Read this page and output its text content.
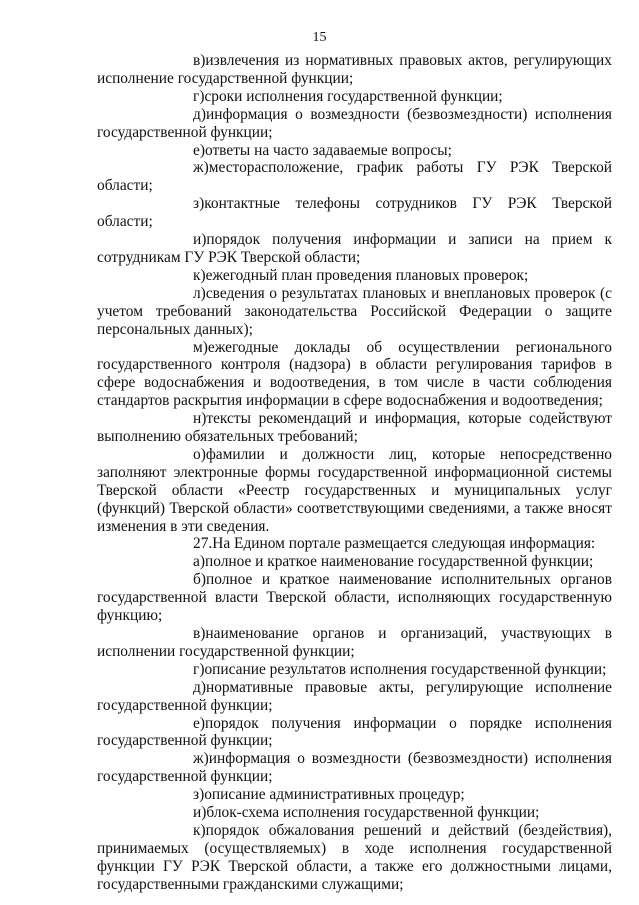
15

в)извлечения из нормативных правовых актов, регулирующих исполнение государственной функции;

г)сроки исполнения государственной функции;

д)информация о возмездности (безвозмездности) исполнения государственной функции;

е)ответы на часто задаваемые вопросы;

ж)месторасположение, график работы ГУ РЭК Тверской области;

з)контактные телефоны сотрудников ГУ РЭК Тверской области;

и)порядок получения информации и записи на прием к сотрудникам ГУ РЭК Тверской области;

к)ежегодный план проведения плановых проверок;

л)сведения о результатах плановых и внеплановых проверок (с учетом требований законодательства Российской Федерации о защите персональных данных);

м)ежегодные доклады об осуществлении регионального государственного контроля (надзора) в области регулирования тарифов в сфере водоснабжения и водоотведения, в том числе в части соблюдения стандартов раскрытия информации в сфере водоснабжения и водоотведения;

н)тексты рекомендаций и информация, которые содействуют выполнению обязательных требований;

о)фамилии и должности лиц, которые непосредственно заполняют электронные формы государственной информационной системы Тверской области «Реестр государственных и муниципальных услуг (функций) Тверской области» соответствующими сведениями, а также вносят изменения в эти сведения.

27.На Едином портале размещается следующая информация:

а)полное и краткое наименование государственной функции;

б)полное и краткое наименование исполнительных органов государственной власти Тверской области, исполняющих государственную функцию;

в)наименование органов и организаций, участвующих в исполнении государственной функции;

г)описание результатов исполнения государственной функции;

д)нормативные правовые акты, регулирующие исполнение государственной функции;

е)порядок получения информации о порядке исполнения государственной функции;

ж)информация о возмездности (безвозмездности) исполнения государственной функции;

з)описание административных процедур;

и)блок-схема исполнения государственной функции;

к)порядок обжалования решений и действий (бездействия), принимаемых (осуществляемых) в ходе исполнения государственной функции ГУ РЭК Тверской области, а также его должностными лицами, государственными гражданскими служащими;
